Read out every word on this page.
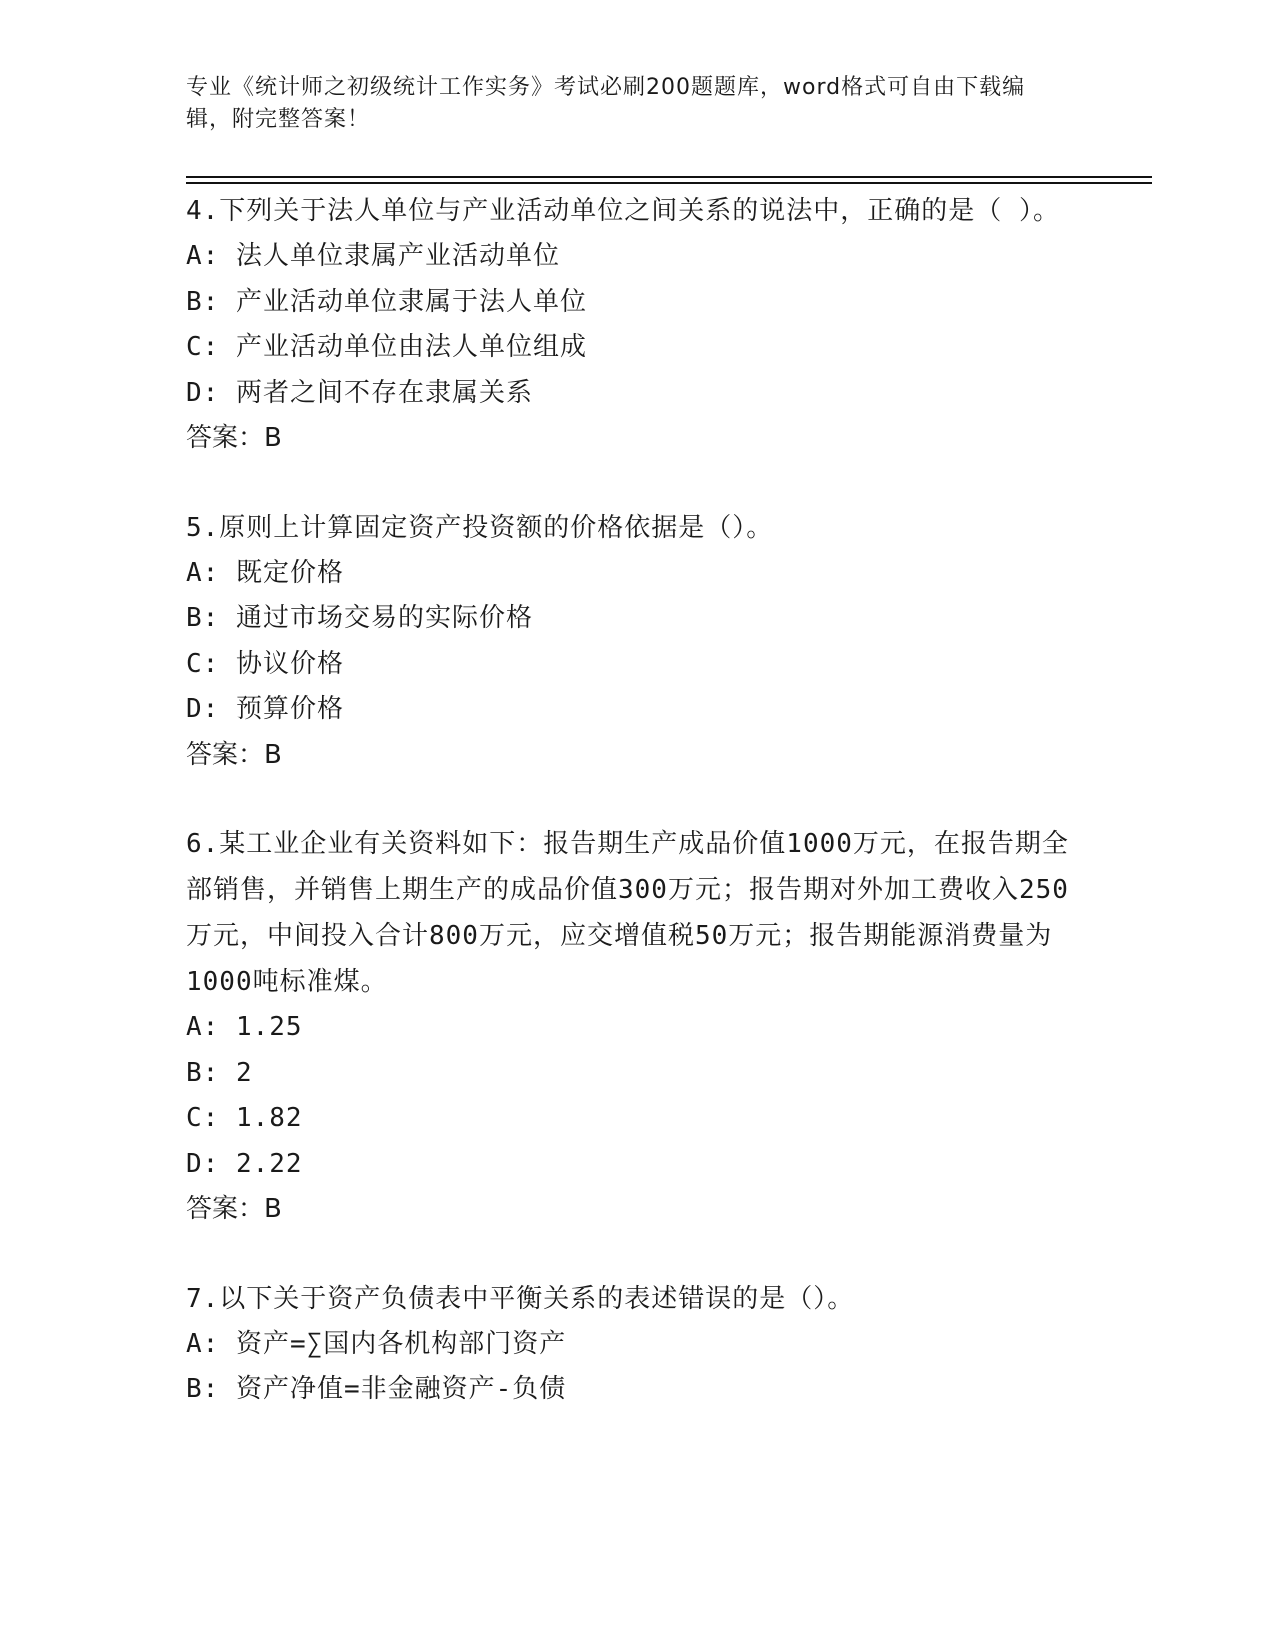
专业《统计师之初级统计工作实务》考试必刷200题题库，word格式可自由下载编辑，附完整答案！
4.下列关于法人单位与产业活动单位之间关系的说法中，正确的是（ ）。
A: 法人单位隶属产业活动单位
B: 产业活动单位隶属于法人单位
C: 产业活动单位由法人单位组成
D: 两者之间不存在隶属关系
答案：B
5.原则上计算固定资产投资额的价格依据是（）。
A: 既定价格
B: 通过市场交易的实际价格
C: 协议价格
D: 预算价格
答案：B
6.某工业企业有关资料如下：报告期生产成品价值1000万元，在报告期全部销售，并销售上期生产的成品价值300万元；报告期对外加工费收入250万元，中间投入合计800万元，应交增值税50万元；报告期能源消费量为1000吨标准煤。
A: 1.25
B: 2
C: 1.82
D: 2.22
答案：B
7.以下关于资产负债表中平衡关系的表述错误的是（）。
A: 资产=∑国内各机构部门资产
B: 资产净值=非金融资产-负债
